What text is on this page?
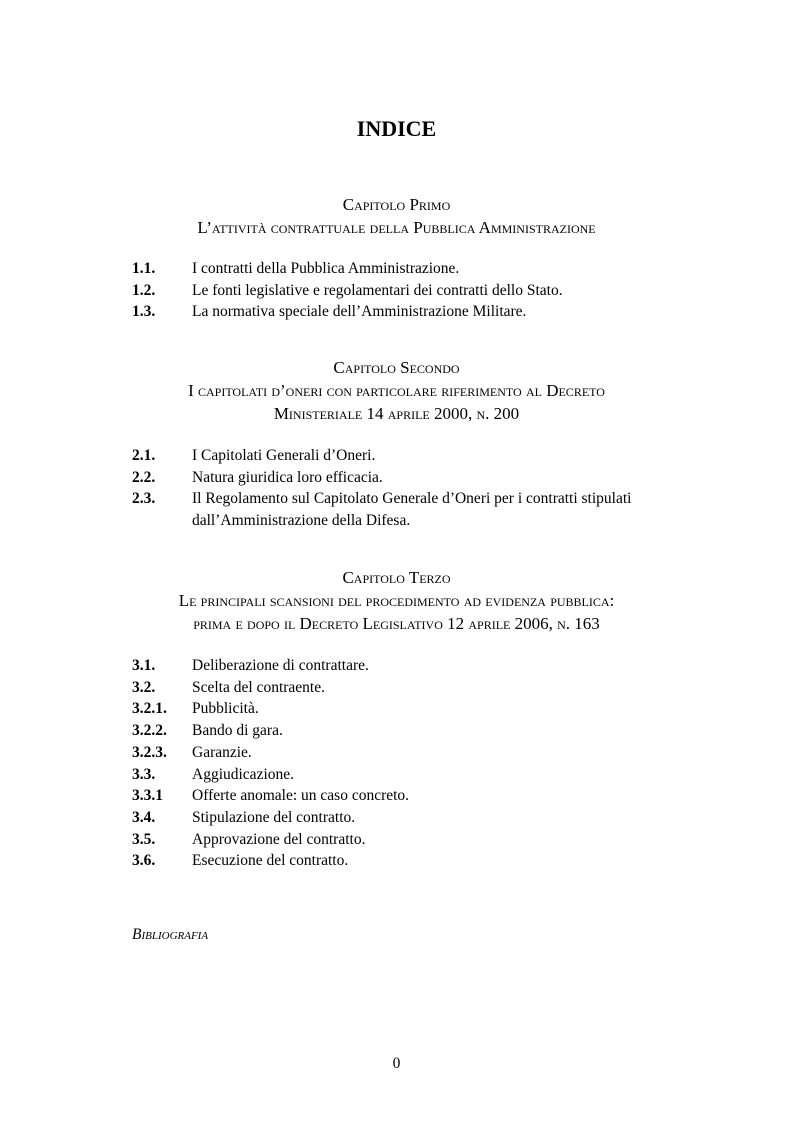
INDICE
Capitolo Primo
L’attività contrattuale della Pubblica Amministrazione
1.1.	I contratti della Pubblica Amministrazione.
1.2.	Le fonti legislative e regolamentari dei contratti dello Stato.
1.3.	La normativa speciale dell’Amministrazione Militare.
Capitolo Secondo
I capitolati d’oneri con particolare riferimento al Decreto
Ministeriale 14 aprile 2000, n. 200
2.1.	I Capitolati Generali d’Oneri.
2.2.	Natura giuridica loro efficacia.
2.3.	Il Regolamento sul Capitolato Generale d’Oneri per i contratti stipulati dall’Amministrazione della Difesa.
Capitolo Terzo
Le principali scansioni del procedimento ad evidenza pubblica:
prima e dopo il Decreto Legislativo 12 aprile 2006, n. 163
3.1.	Deliberazione di contrattare.
3.2.	Scelta del contraente.
3.2.1.	Pubblicità.
3.2.2.	Bando di gara.
3.2.3.	Garanzie.
3.3.	Aggiudicazione.
3.3.1	Offerte anomale: un caso concreto.
3.4.	Stipulazione del contratto.
3.5.	Approvazione del contratto.
3.6.	Esecuzione del contratto.
Bibliografia
0
